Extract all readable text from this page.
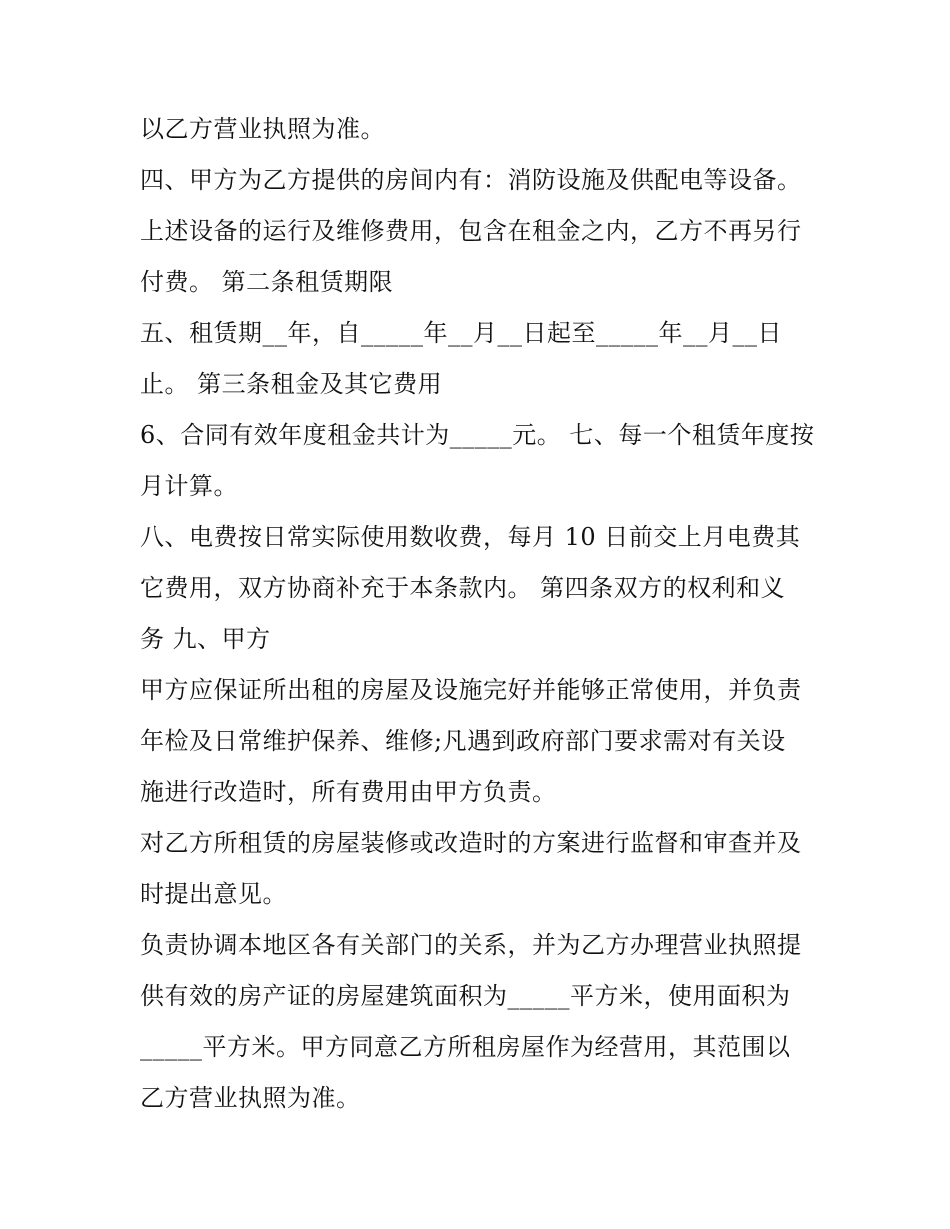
以乙方营业执照为准。
四、甲方为乙方提供的房间内有：消防设施及供配电等设备。
上述设备的运行及维修费用，包含在租金之内，乙方不再另行
付费。 第二条租赁期限
五、租赁期__年，自_____年__月__日起至_____年__月__日
止。 第三条租金及其它费用
6、合同有效年度租金共计为_____元。 七、每一个租赁年度按
月计算。
八、电费按日常实际使用数收费，每月 10 日前交上月电费其
它费用，双方协商补充于本条款内。 第四条双方的权利和义
务 九、甲方
甲方应保证所出租的房屋及设施完好并能够正常使用，并负责
年检及日常维护保养、维修;凡遇到政府部门要求需对有关设
施进行改造时，所有费用由甲方负责。
对乙方所租赁的房屋装修或改造时的方案进行监督和审查并及
时提出意见。
负责协调本地区各有关部门的关系，并为乙方办理营业执照提
供有效的房产证的房屋建筑面积为_____平方米，使用面积为
_____平方米。甲方同意乙方所租房屋作为经营用，其范围以
乙方营业执照为准。
